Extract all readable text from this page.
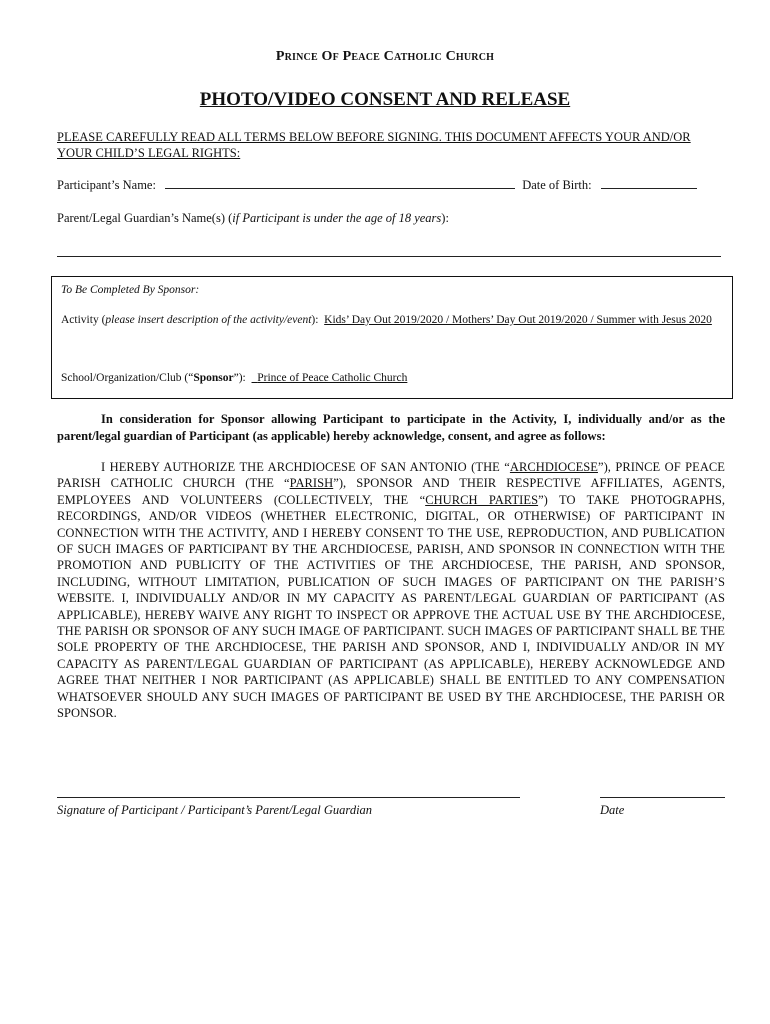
Prince Of Peace Catholic Church
PHOTO/VIDEO CONSENT AND RELEASE
PLEASE CAREFULLY READ ALL TERMS BELOW BEFORE SIGNING. THIS DOCUMENT AFFECTS YOUR AND/OR YOUR CHILD’S LEGAL RIGHTS:
Participant’s Name:	Date of Birth:
Parent/Legal Guardian’s Name(s) (if Participant is under the age of 18 years):
To Be Completed By Sponsor:
Activity (please insert description of the activity/event): Kids’ Day Out 2019/2020 / Mothers’ Day Out 2019/2020 / Summer with Jesus 2020
School/Organization/Club (“Sponsor”): Prince of Peace Catholic Church
In consideration for Sponsor allowing Participant to participate in the Activity, I, individually and/or as the parent/legal guardian of Participant (as applicable) hereby acknowledge, consent, and agree as follows:
I HEREBY AUTHORIZE THE ARCHDIOCESE OF SAN ANTONIO (THE “ARCHDIOCESE”), PRINCE OF PEACE PARISH CATHOLIC CHURCH (THE “PARISH”), SPONSOR AND THEIR RESPECTIVE AFFILIATES, AGENTS, EMPLOYEES AND VOLUNTEERS (COLLECTIVELY, THE “CHURCH PARTIES”) TO TAKE PHOTOGRAPHS, RECORDINGS, AND/OR VIDEOS (WHETHER ELECTRONIC, DIGITAL, OR OTHERWISE) OF PARTICIPANT IN CONNECTION WITH THE ACTIVITY, AND I HEREBY CONSENT TO THE USE, REPRODUCTION, AND PUBLICATION OF SUCH IMAGES OF PARTICIPANT BY THE ARCHDIOCESE, PARISH, AND SPONSOR IN CONNECTION WITH THE PROMOTION AND PUBLICITY OF THE ACTIVITIES OF THE ARCHDIOCESE, THE PARISH, AND SPONSOR, INCLUDING, WITHOUT LIMITATION, PUBLICATION OF SUCH IMAGES OF PARTICIPANT ON THE PARISH’S WEBSITE. I, INDIVIDUALLY AND/OR IN MY CAPACITY AS PARENT/LEGAL GUARDIAN OF PARTICIPANT (AS APPLICABLE), HEREBY WAIVE ANY RIGHT TO INSPECT OR APPROVE THE ACTUAL USE BY THE ARCHDIOCESE, THE PARISH OR SPONSOR OF ANY SUCH IMAGE OF PARTICIPANT. SUCH IMAGES OF PARTICIPANT SHALL BE THE SOLE PROPERTY OF THE ARCHDIOCESE, THE PARISH AND SPONSOR, AND I, INDIVIDUALLY AND/OR IN MY CAPACITY AS PARENT/LEGAL GUARDIAN OF PARTICIPANT (AS APPLICABLE), HEREBY ACKNOWLEDGE AND AGREE THAT NEITHER I NOR PARTICIPANT (AS APPLICABLE) SHALL BE ENTITLED TO ANY COMPENSATION WHATSOEVER SHOULD ANY SUCH IMAGES OF PARTICIPANT BE USED BY THE ARCHDIOCESE, THE PARISH OR SPONSOR.
Signature of Participant / Participant’s Parent/Legal Guardian	Date
